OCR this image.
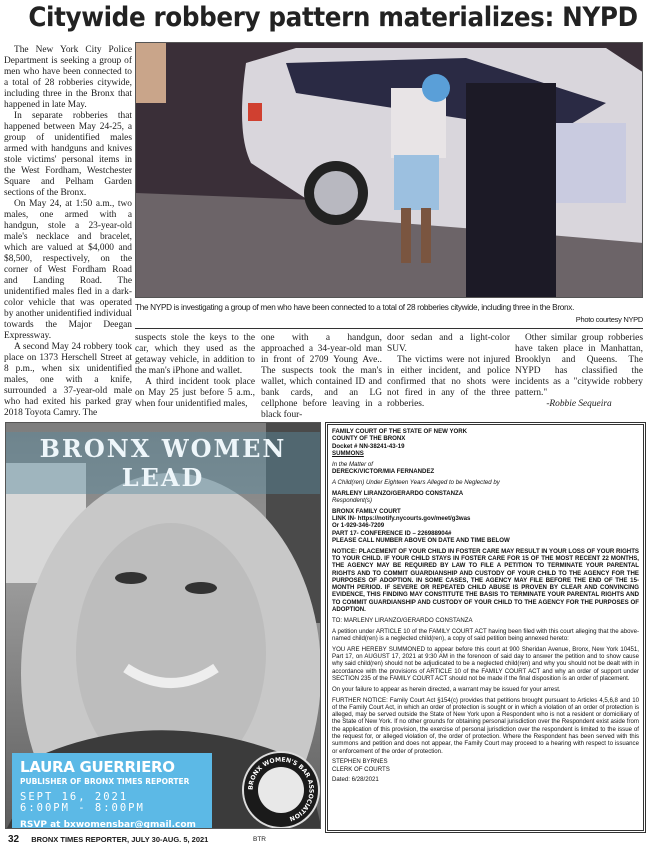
Citywide robbery pattern materializes: NYPD

The New York City Police Department is seeking a group of men who have been connected to a total of 28 robberies citywide, including three in the Bronx that happened in late May.

In separate robberies that happened between May 24-25, a group of unidentified males armed with handguns and knives stole victims' personal items in the West Fordham, Westchester Square and Pelham Garden sections of the Bronx.

On May 24, at 1:50 a.m., two males, one armed with a handgun, stole a 23-year-old male's necklace and bracelet, which are valued at $4,000 and $8,500, respectively, on the corner of West Fordham Road and Landing Road. The unidentified males fled in a dark-color vehicle that was operated by another unidentified individual towards the Major Deegan Expressway.

A second May 24 robbery took place on 1373 Herschell Street at 8 p.m., when six unidentified males, one with a knife, surrounded a 37-year-old male who had exited his parked gray 2018 Toyota Camry. The

The NYPD is investigating a group of men who have been connected to a total of 28 robberies citywide, including three in the Bronx.
Photo courtesy NYPD

suspects stole the keys to the car, which they used as the getaway vehicle, in addition to the man's iPhone and wallet.

A third incident took place on May 25 just before 5 a.m., when four unidentified males,

one with a handgun, approached a 34-year-old man in front of 2709 Young Ave.. The suspects took the man's wallet, which contained ID and bank cards, and an LG cellphone before leaving in a black four-

door sedan and a light-color SUV.

The victims were not injured in either incident, and police confirmed that no shots were not fired in any of the three robberies.

Other similar group robberies have taken place in Manhattan, Brooklyn and Queens. The NYPD has classified the incidents as a "citywide robbery pattern."

-Robbie Sequeira

BRONX WOMEN LEAD
LAURA GUERRIERO
PUBLISHER OF BRONX TIMES REPORTER
SEPT 16, 2021
6:00PM - 8:00PM
RSVP at bxwomensbar@gmail.com
BRONX WOMEN'S BAR ASSOCIATION

FAMILY COURT OF THE STATE OF NEW YORK
COUNTY OF THE BRONX
Docket # NN-38241-43-19
SUMMONS

In the Matter of
DERECK/VICTOR/MIA FERNANDEZ

A Child(ren) Under Eighteen Years Alleged to be Neglected by

MARLENY LIRANZO/GERARDO CONSTANZA
Respondent(s)

BRONX FAMILY COURT
LINK IN- https://notify.nycourts.gov/meet/g3was
Or 1-929-346-7209
PART 17- CONFERENCE ID – 226988904#
PLEASE CALL NUMBER ABOVE ON DATE AND TIME BELOW

NOTICE: PLACEMENT OF YOUR CHILD IN FOSTER CARE MAY RESULT IN YOUR LOSS OF YOUR RIGHTS TO YOUR CHILD. IF YOUR CHILD STAYS IN FOSTER CARE FOR 15 OF THE MOST RECENT 22 MONTHS, THE AGENCY MAY BE REQUIRED BY LAW TO FILE A PETITION TO TERMINATE YOUR PARENTAL RIGHTS AND TO COMMIT GUARDIANSHIP AND CUSTODY OF YOUR CHILD TO THE AGENCY FOR THE PURPOSES OF ADOPTION. IN SOME CASES, THE AGENCY MAY FILE BEFORE THE END OF THE 15-MONTH PERIOD. IF SEVERE OR REPEATED CHILD ABUSE IS PROVEN BY CLEAR AND CONVINCING EVIDENCE, THIS FINDING MAY CONSTITUTE THE BASIS TO TERMINATE YOUR PARENTAL RIGHTS AND TO COMMIT GUARDIANSHIP AND CUSTODY OF YOUR CHILD TO THE AGENCY FOR THE PURPOSES OF ADOPTION.

TO: MARLENY LIRANZO/GERARDO CONSTANZA

A petition under ARTICLE 10 of the FAMILY COURT ACT having been filed with this court alleging that the above-named child(ren) is a neglected child(ren), a copy of said petition being annexed hereto:

YOU ARE HEREBY SUMMONED to appear before this court at 900 Sheridan Avenue, Bronx, New York 10451, Part 17, on AUGUST 17, 2021 at 9:30 AM in the forenoon of said day to answer the petition and to show cause why said child(ren) should not be adjudicated to be a neglected child(ren) and why you should not be dealt with in accordance with the provisions of ARTICLE 10 of the FAMILY COURT ACT and why an order of support under SECTION 235 of the FAMILY COURT ACT should not be made if the final disposition is an order of placement.

On your failure to appear as herein directed, a warrant may be issued for your arrest.

FURTHER NOTICE: Family Court Act §154(c) provides that petitions brought pursuant to Articles 4,5,6,8 and 10 of the Family Court Act, in which an order of protection is sought or in which a violation of an order of protection is alleged, may be served outside the State of New York upon a Respondent who is not a resident or domiciliary of the State of New York. If no other grounds for obtaining personal jurisdiction over the Respondent exist aside from the application of this provision, the exercise of personal jurisdiction over the respondent is limited to the issue of the request for, or alleged violation of, the order of protection. Where the Respondent has been served with this summons and petition and does not appear, the Family Court may proceed to a hearing with respect to issuance or enforcement of the order of protection.

STEPHEN BYRNES
CLERK OF COURTS

Dated: 6/28/2021

32 BRONX TIMES REPORTER, JULY 30-AUG. 5, 2021	BTR
